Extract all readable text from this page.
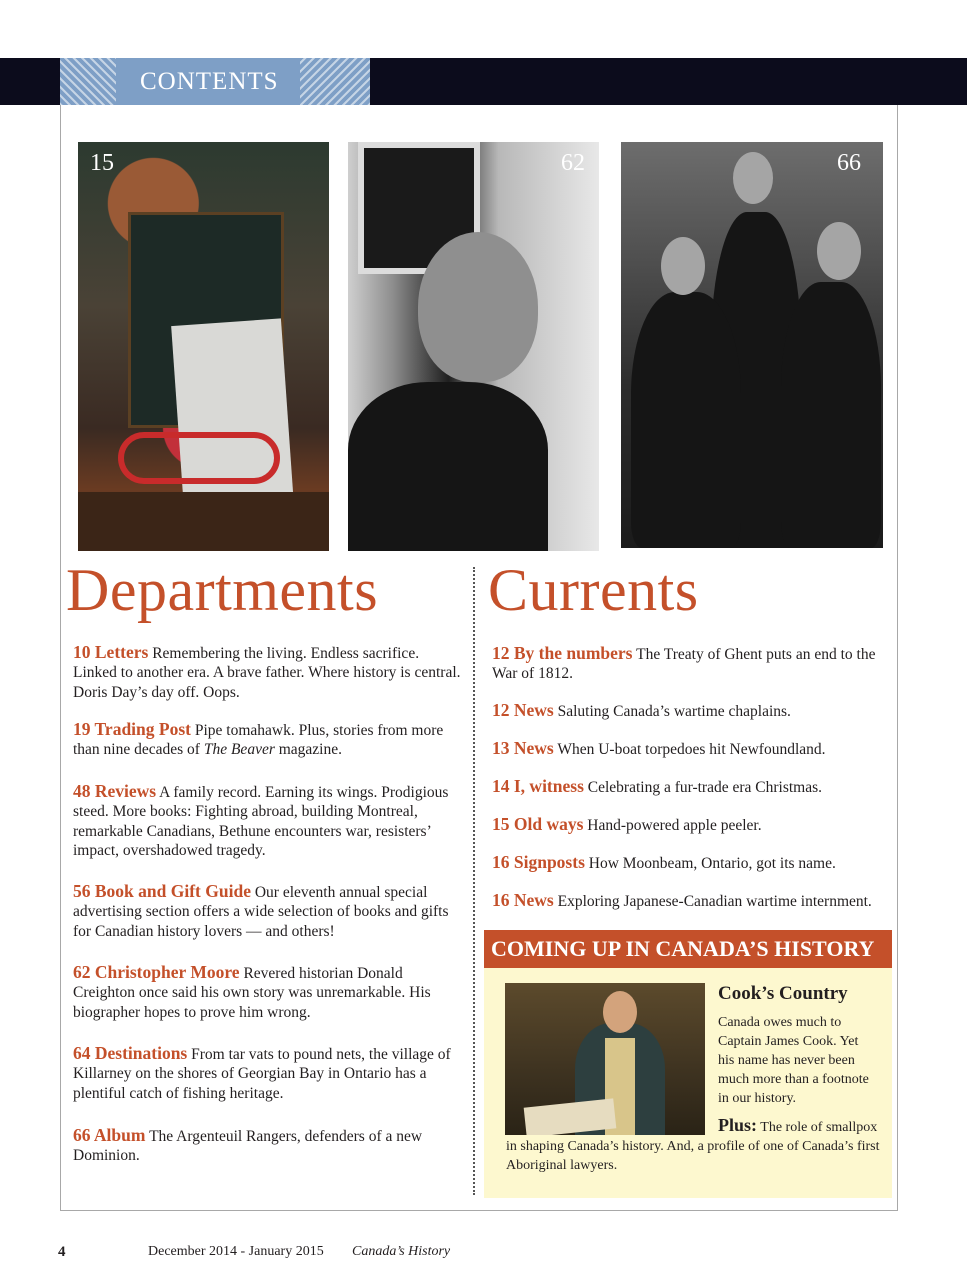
CONTENTS
15	62	66
Departments Currents
10 Letters Remembering the living. Endless sacrifice. Linked to another era. A brave father. Where history is central. Doris Day’s day off. Oops.
19 Trading Post Pipe tomahawk. Plus, stories from more than nine decades of The Beaver magazine.
48 Reviews A family record. Earning its wings. Prodigious steed. More books: Fighting abroad, building Montreal, remarkable Canadians, Bethune encounters war, resisters’ impact, overshadowed tragedy.
56 Book and Gift Guide Our eleventh annual special advertising section offers a wide selection of books and gifts for Canadian history lovers — and others!
62 Christopher Moore Revered historian Donald Creighton once said his own story was unremarkable. His biographer hopes to prove him wrong.
64 Destinations From tar vats to pound nets, the village of Killarney on the shores of Georgian Bay in Ontario has a plentiful catch of fishing heritage.
66 Album The Argenteuil Rangers, defenders of a new Dominion.
12 By the numbers The Treaty of Ghent puts an end to the War of 1812.
12 News Saluting Canada’s wartime chaplains.
13 News When U-boat torpedoes hit Newfoundland.
14 I, witness Celebrating a fur-trade era Christmas.
15 Old ways Hand-powered apple peeler.
16 Signposts How Moonbeam, Ontario, got its name.
16 News Exploring Japanese-Canadian wartime internment.
COMING UP IN CANADA’S HISTORY
Cook’s Country
Canada owes much to Captain James Cook. Yet his name has never been much more than a footnote in our history.
Plus: The role of smallpox in shaping Canada’s history. And, a profile of one of Canada’s first Aboriginal lawyers.
4	December 2014 - January 2015 Canada’s History
